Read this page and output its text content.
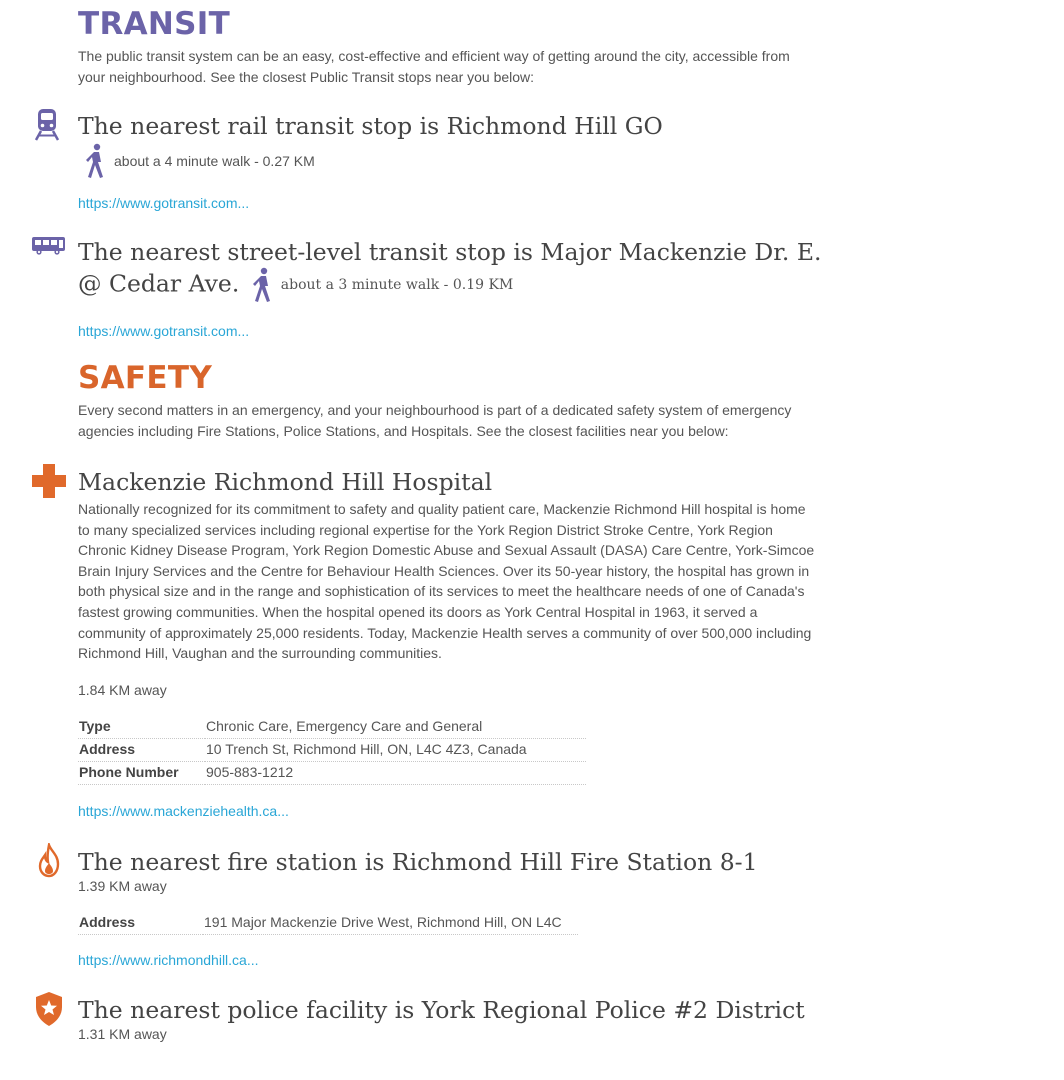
TRANSIT

The public transit system can be an easy, cost-effective and efficient way of getting around the city, accessible from your neighbourhood. See the closest Public Transit stops near you below:

The nearest rail transit stop is Richmond Hill GO
about a 4 minute walk
- 0.27 KM
https://www.gotransit.com...
The nearest street-level transit stop is Major Mackenzie Dr. E. @ Cedar Ave.	about a 3 minute walk
- 0.19 KM
https://www.gotransit.com...
SAFETY

Every second matters in an emergency, and your neighbourhood is part of a dedicated safety system of emergency agencies including Fire Stations, Police Stations, and Hospitals. See the closest facilities near you below:

Mackenzie Richmond Hill Hospital

Nationally recognized for its commitment to safety and quality patient care, Mackenzie Richmond Hill hospital is home to many specialized services including regional expertise for the York Region District Stroke Centre, York Region Chronic Kidney Disease Program, York Region Domestic Abuse and Sexual Assault (DASA) Care Centre, York-Simcoe Brain Injury Services and the Centre for Behaviour Health Sciences. Over its 50-year history, the hospital has grown in both physical size and in the range and sophistication of its services to meet the healthcare needs of one of Canada's fastest growing communities. When the hospital opened its doors as York Central Hospital in 1963, it served a community of approximately 25,000 residents. Today, Mackenzie Health serves a community of over 500,000 including Richmond Hill, Vaughan and the surrounding communities.

1.84 KM away

Type	Chronic Care, Emergency Care and General
Address	10 Trench St, Richmond Hill, ON, L4C 4Z3, Canada
Phone Number	905-883-1212
https://www.mackenziehealth.ca...
The nearest fire station is Richmond Hill Fire Station 8-1

1.39 KM away

Address	191 Major Mackenzie Drive West, Richmond Hill, ON L4C
https://www.richmondhill.ca...
The nearest police facility is York Regional Police #2 District

1.31 KM away
